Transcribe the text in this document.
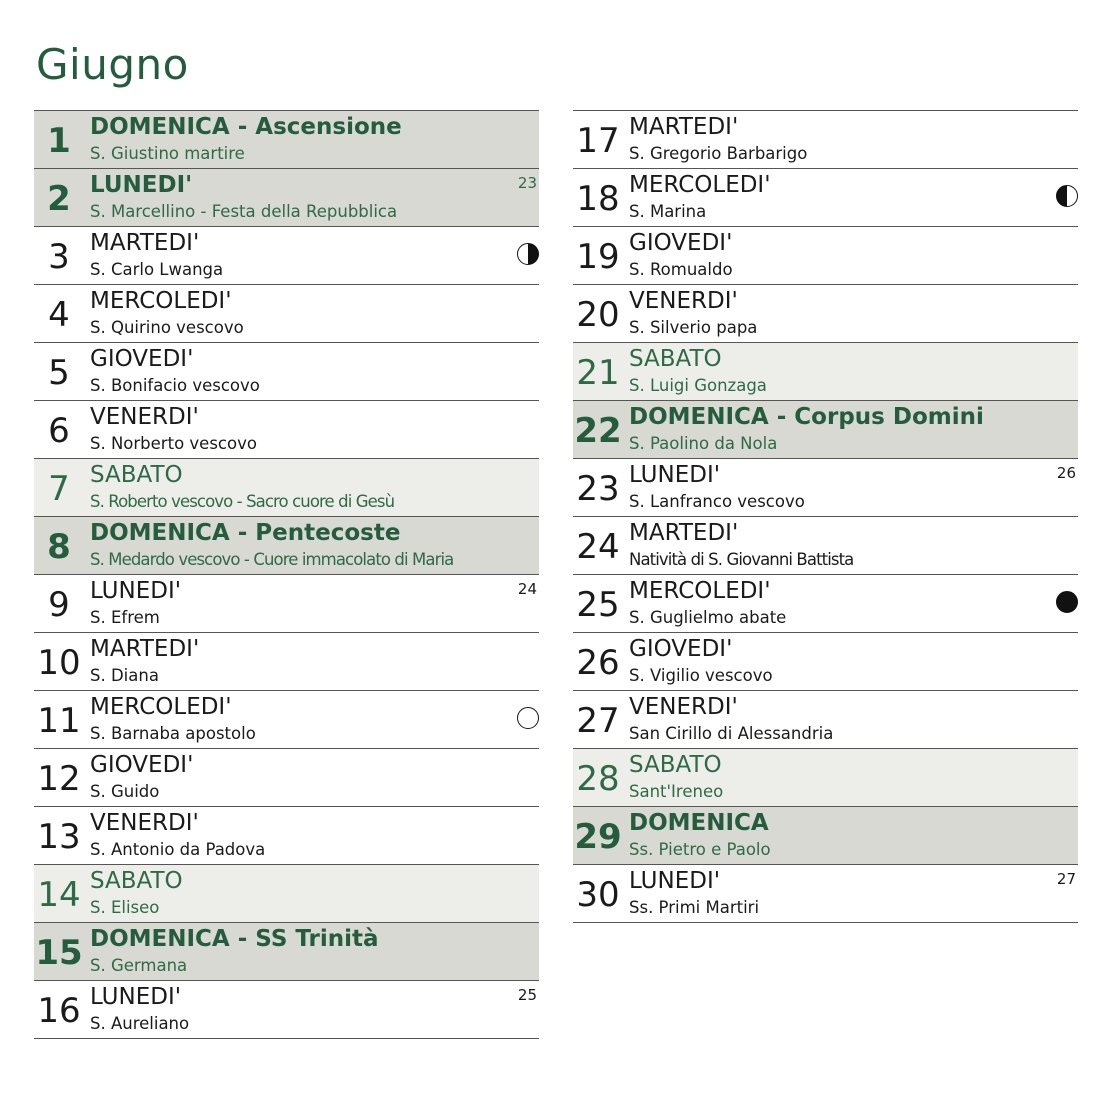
Giugno
1 DOMENICA - Ascensione
S. Giustino martire
2 LUNEDI'
S. Marcellino - Festa della Repubblica
23
3 MARTEDI'
S. Carlo Lwanga
4 MERCOLEDI'
S. Quirino vescovo
5 GIOVEDI'
S. Bonifacio vescovo
6 VENERDI'
S. Norberto vescovo
7 SABATO
S. Roberto vescovo - Sacro cuore di Gesù
8 DOMENICA - Pentecoste
S. Medardo vescovo - Cuore immacolato di Maria
9 LUNEDI'
S. Efrem
24
10 MARTEDI'
S. Diana
11 MERCOLEDI'
S. Barnaba apostolo
12 GIOVEDI'
S. Guido
13 VENERDI'
S. Antonio da Padova
14 SABATO
S. Eliseo
15 DOMENICA - SS Trinità
S. Germana
16 LUNEDI'
S. Aureliano
25
17 MARTEDI'
S. Gregorio Barbarigo
18 MERCOLEDI'
S. Marina
19 GIOVEDI'
S. Romualdo
20 VENERDI'
S. Silverio papa
21 SABATO
S. Luigi Gonzaga
22 DOMENICA - Corpus Domini
S. Paolino da Nola
23 LUNEDI'
S. Lanfranco vescovo
26
24 MARTEDI'
Natività di S. Giovanni Battista
25 MERCOLEDI'
S. Guglielmo abate
26 GIOVEDI'
S. Vigilio vescovo
27 VENERDI'
San Cirillo di Alessandria
28 SABATO
Sant'Ireneo
29 DOMENICA
Ss. Pietro e Paolo
30 LUNEDI'
Ss. Primi Martiri
27
